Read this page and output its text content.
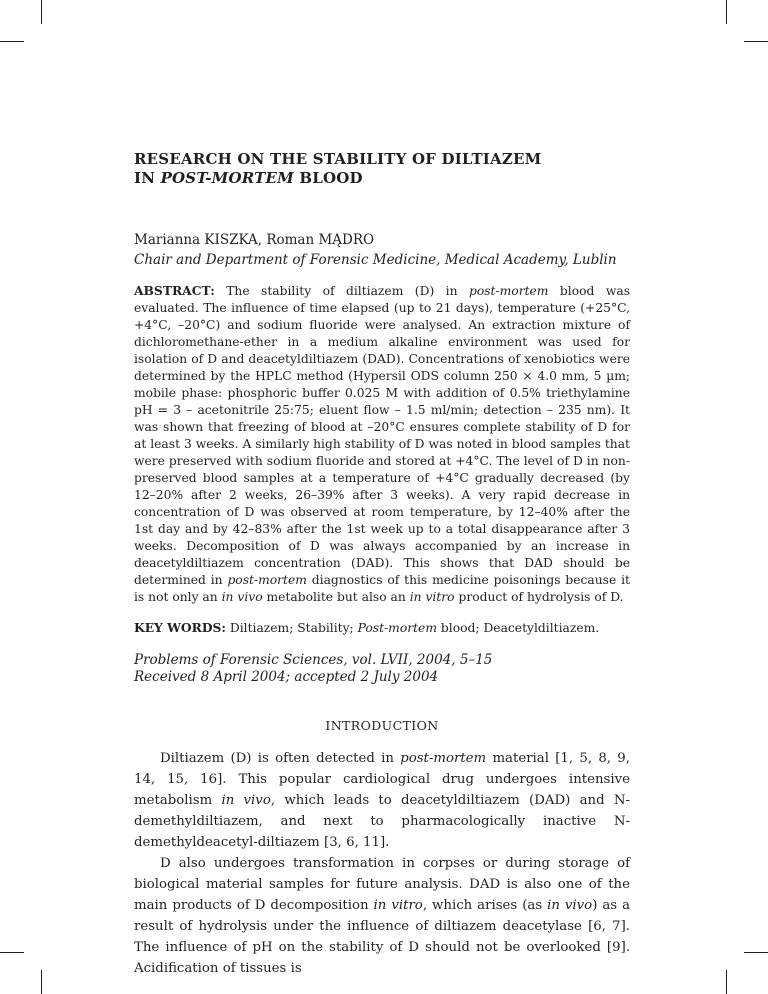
RESEARCH ON THE STABILITY OF DILTIAZEM
IN POST-MORTEM BLOOD
Marianna KISZKA, Roman MĄDRO
Chair and Department of Forensic Medicine, Medical Academy, Lublin
ABSTRACT: The stability of diltiazem (D) in post-mortem blood was evaluated. The influence of time elapsed (up to 21 days), temperature (+25°C, +4°C, –20°C) and sodium fluoride were analysed. An extraction mixture of dichloromethane-ether in a medium alkaline environment was used for isolation of D and deacetyldiltiazem (DAD). Concentrations of xenobiotics were determined by the HPLC method (Hypersil ODS column 250 × 4.0 mm, 5 µm; mobile phase: phosphoric buffer 0.025 M with addition of 0.5% triethylamine pH = 3 – acetonitrile 25:75; eluent flow – 1.5 ml/min; detection – 235 nm). It was shown that freezing of blood at –20°C ensures complete stability of D for at least 3 weeks. A similarly high stability of D was noted in blood samples that were preserved with sodium fluoride and stored at +4°C. The level of D in non-preserved blood samples at a temperature of +4°C gradually decreased (by 12–20% after 2 weeks, 26–39% after 3 weeks). A very rapid decrease in concentration of D was observed at room temperature, by 12–40% after the 1st day and by 42–83% after the 1st week up to a total disappearance after 3 weeks. Decomposition of D was always accompanied by an increase in deacetyldiltiazem concentration (DAD). This shows that DAD should be determined in post-mortem diagnostics of this medicine poisonings because it is not only an in vivo metabolite but also an in vitro product of hydrolysis of D.
KEY WORDS: Diltiazem; Stability; Post-mortem blood; Deacetyldiltiazem.
Problems of Forensic Sciences, vol. LVII, 2004, 5–15
Received 8 April 2004; accepted 2 July 2004
INTRODUCTION

Diltiazem (D) is often detected in post-mortem material [1, 5, 8, 9, 14, 15, 16]. This popular cardiological drug undergoes intensive metabolism in vivo, which leads to deacetyldiltiazem (DAD) and N-demethyldiltiazem, and next to pharmacologically inactive N-demethyldeacetyl-diltiazem [3, 6, 11].

D also undergoes transformation in corpses or during storage of biological material samples for future analysis. DAD is also one of the main products of D decomposition in vitro, which arises (as in vivo) as a result of hydrolysis under the influence of diltiazem deacetylase [6, 7]. The influence of pH on the stability of D should not be overlooked [9]. Acidification of tissues is
